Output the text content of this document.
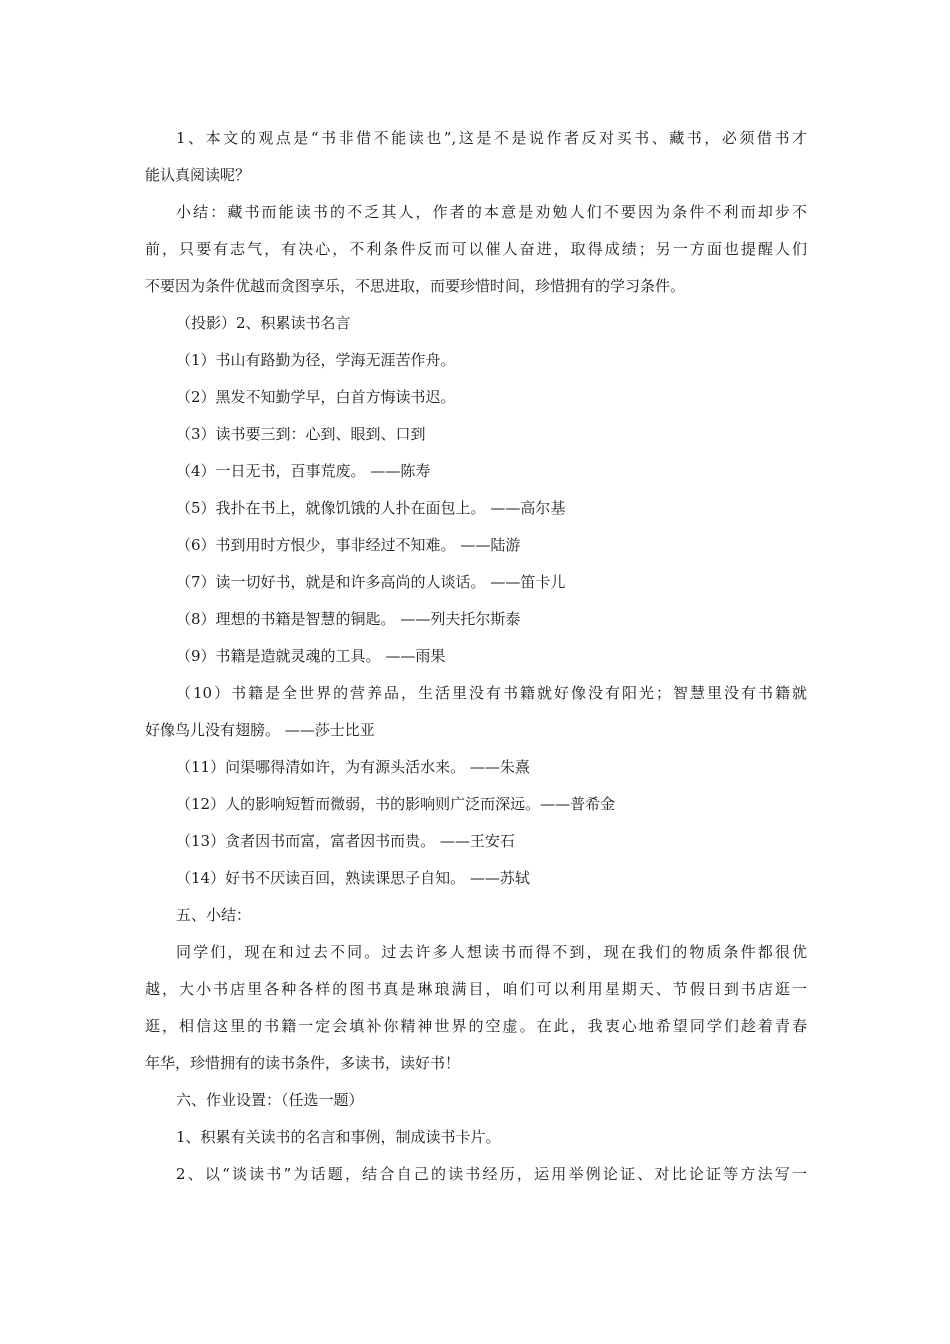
1、本文的观点是“书非借不能读也”,这是不是说作者反对买书、藏书，必须借书才
能认真阅读呢？
小结：藏书而能读书的不乏其人，作者的本意是劝勉人们不要因为条件不利而却步不
前，只要有志气，有决心，不利条件反而可以催人奋进，取得成绩；另一方面也提醒人们
不要因为条件优越而贪图享乐，不思进取，而要珍惜时间，珍惜拥有的学习条件。
（投影）2、积累读书名言
（1）书山有路勤为径，学海无涯苦作舟。
（2）黑发不知勤学早，白首方悔读书迟。
（3）读书要三到：心到、眼到、口到
（4）一日无书，百事荒废。 ——陈寿
（5）我扑在书上，就像饥饿的人扑在面包上。 ——高尔基
（6）书到用时方恨少，事非经过不知难。 ——陆游
（7）读一切好书，就是和许多高尚的人谈话。 ——笛卡儿
（8）理想的书籍是智慧的铜匙。 ——列夫托尔斯泰
（9）书籍是造就灵魂的工具。 ——雨果
（10）书籍是全世界的营养品，生活里没有书籍就好像没有阳光；智慧里没有书籍就
好像鸟儿没有翅膀。 ——莎士比亚
（11）问渠哪得清如许，为有源头活水来。 ——朱熹
（12）人的影响短暂而微弱，书的影响则广泛而深远。——普希金
（13）贪者因书而富，富者因书而贵。 ——王安石
（14）好书不厌读百回，熟读课思子自知。 ——苏轼
五、小结：
同学们，现在和过去不同。过去许多人想读书而得不到，现在我们的物质条件都很优
越，大小书店里各种各样的图书真是琳琅满目，咱们可以利用星期天、节假日到书店逛一
逛，相信这里的书籍一定会填补你精神世界的空虚。在此，我衷心地希望同学们趁着青春
年华，珍惜拥有的读书条件，多读书，读好书！
六、作业设置：（任选一题）
1、积累有关读书的名言和事例，制成读书卡片。
2、以“谈读书”为话题，结合自己的读书经历，运用举例论证、对比论证等方法写一
